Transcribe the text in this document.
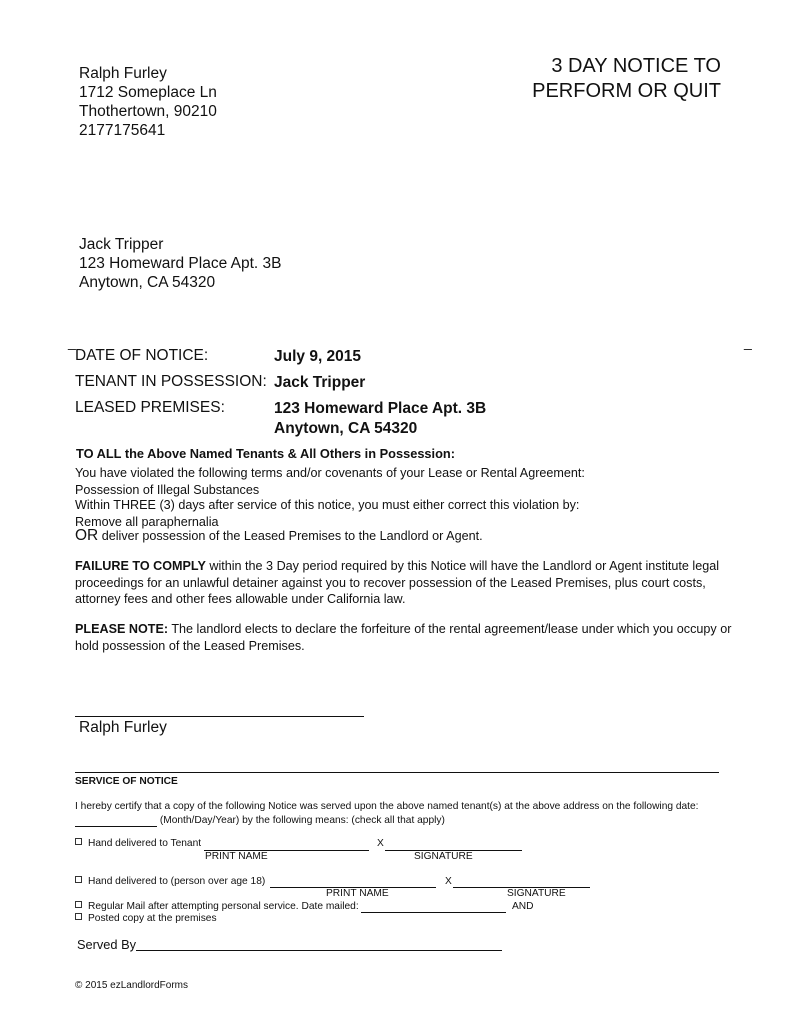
Ralph Furley
1712 Someplace Ln
Thothertown, 90210
2177175641
3 DAY NOTICE TO
PERFORM OR QUIT
Jack Tripper
123 Homeward Place Apt. 3B
Anytown, CA 54320
_	_
DATE OF NOTICE:	July 9, 2015
TENANT IN POSSESSION: Jack Tripper
LEASED PREMISES:	123 Homeward Place Apt. 3B
Anytown, CA 54320
TO ALL the Above Named Tenants & All Others in Possession:
You have violated the following terms and/or covenants of your Lease or Rental Agreement:
Possession of Illegal Substances
Within THREE (3) days after service of this notice, you must either correct this violation by:
Remove all paraphernalia
OR deliver possession of the Leased Premises to the Landlord or Agent.
FAILURE TO COMPLY within the 3 Day period required by this Notice will have the Landlord or Agent institute legal proceedings for an unlawful detainer against you to recover possession of the Leased Premises, plus court costs, attorney fees and other fees allowable under California law.
PLEASE NOTE: The landlord elects to declare the forfeiture of the rental agreement/lease under which you occupy or hold possession of the Leased Premises.
Ralph Furley
SERVICE OF NOTICE
I hereby certify that a copy of the following Notice was served upon the above named tenant(s) at the above address on the following date:
(Month/Day/Year) by the following means: (check all that apply)
Hand delivered to Tenant	X
PRINT NAME	SIGNATURE
Hand delivered to (person over age 18)	X
PRINT NAME	SIGNATURE
Regular Mail after attempting personal service. Date mailed:	AND
Posted copy at the premises
Served By
© 2015 ezLandlordForms
